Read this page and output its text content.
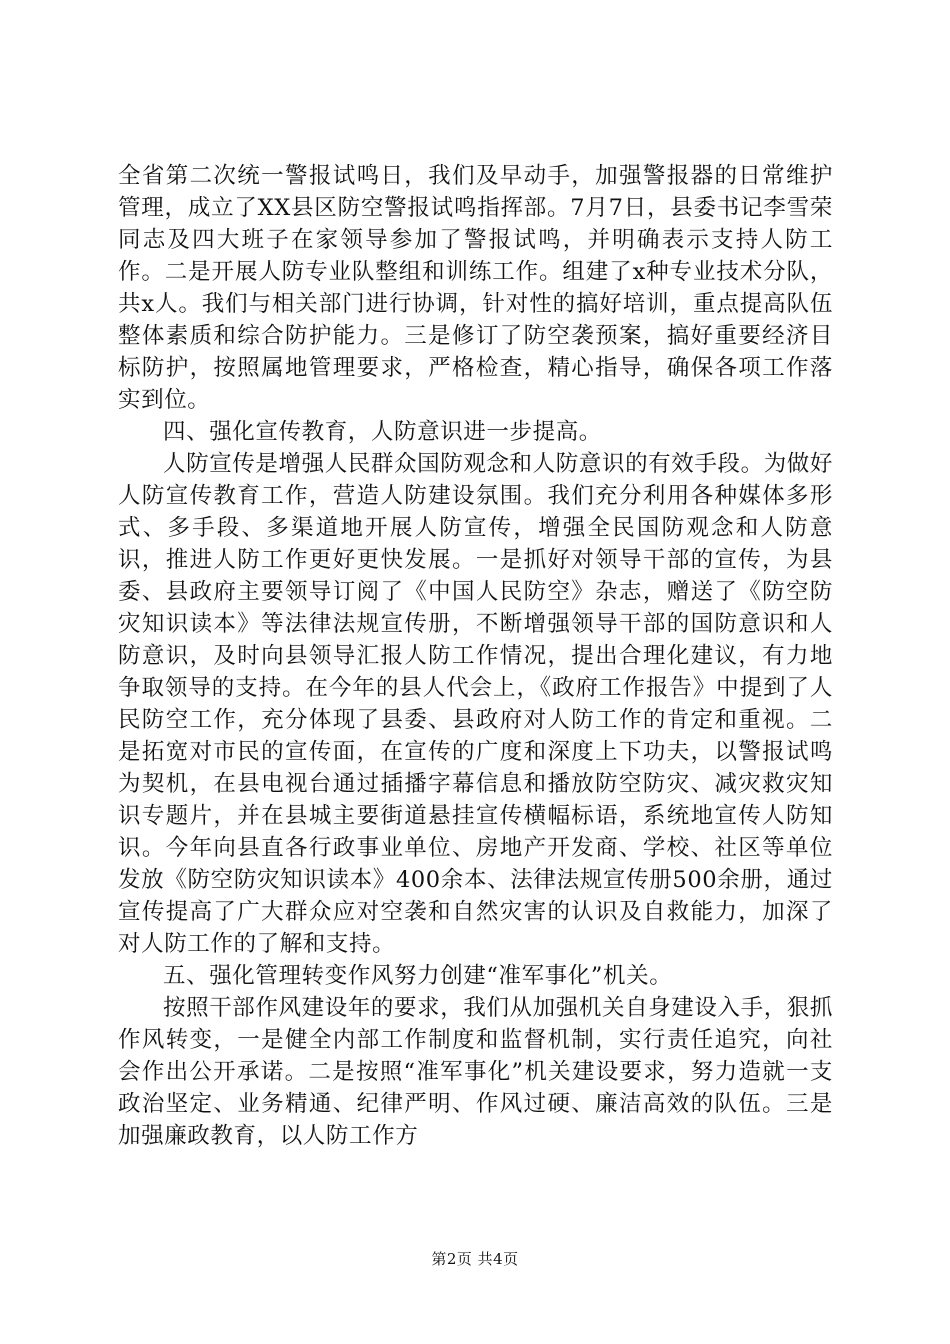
全省第二次统一警报试鸣日，我们及早动手，加强警报器的日常维护管理，成立了XX县区防空警报试鸣指挥部。7月7日，县委书记李雪荣同志及四大班子在家领导参加了警报试鸣，并明确表示支持人防工作。二是开展人防专业队整组和训练工作。组建了x种专业技术分队，共x人。我们与相关部门进行协调，针对性的搞好培训，重点提高队伍整体素质和综合防护能力。三是修订了防空袭预案，搞好重要经济目标防护，按照属地管理要求，严格检查，精心指导，确保各项工作落实到位。

四、强化宣传教育，人防意识进一步提高。

人防宣传是增强人民群众国防观念和人防意识的有效手段。为做好人防宣传教育工作，营造人防建设氛围。我们充分利用各种媒体多形式、多手段、多渠道地开展人防宣传，增强全民国防观念和人防意识，推进人防工作更好更快发展。一是抓好对领导干部的宣传，为县委、县政府主要领导订阅了《中国人民防空》杂志，赠送了《防空防灾知识读本》等法律法规宣传册，不断增强领导干部的国防意识和人防意识，及时向县领导汇报人防工作情况，提出合理化建议，有力地争取领导的支持。在今年的县人代会上，《政府工作报告》中提到了人民防空工作，充分体现了县委、县政府对人防工作的肯定和重视。二是拓宽对市民的宣传面，在宣传的广度和深度上下功夫，以警报试鸣为契机，在县电视台通过插播字幕信息和播放防空防灾、减灾救灾知识专题片，并在县城主要街道悬挂宣传横幅标语，系统地宣传人防知识。今年向县直各行政事业单位、房地产开发商、学校、社区等单位发放《防空防灾知识读本》400余本、法律法规宣传册500余册，通过宣传提高了广大群众应对空袭和自然灾害的认识及自救能力，加深了对人防工作的了解和支持。

五、强化管理转变作风努力创建“准军事化”机关。

按照干部作风建设年的要求，我们从加强机关自身建设入手，狠抓作风转变，一是健全内部工作制度和监督机制，实行责任追究，向社会作出公开承诺。二是按照“准军事化”机关建设要求，努力造就一支政治坚定、业务精通、纪律严明、作风过硬、廉洁高效的队伍。三是加强廉政教育，以人防工作方

第2页 共4页
